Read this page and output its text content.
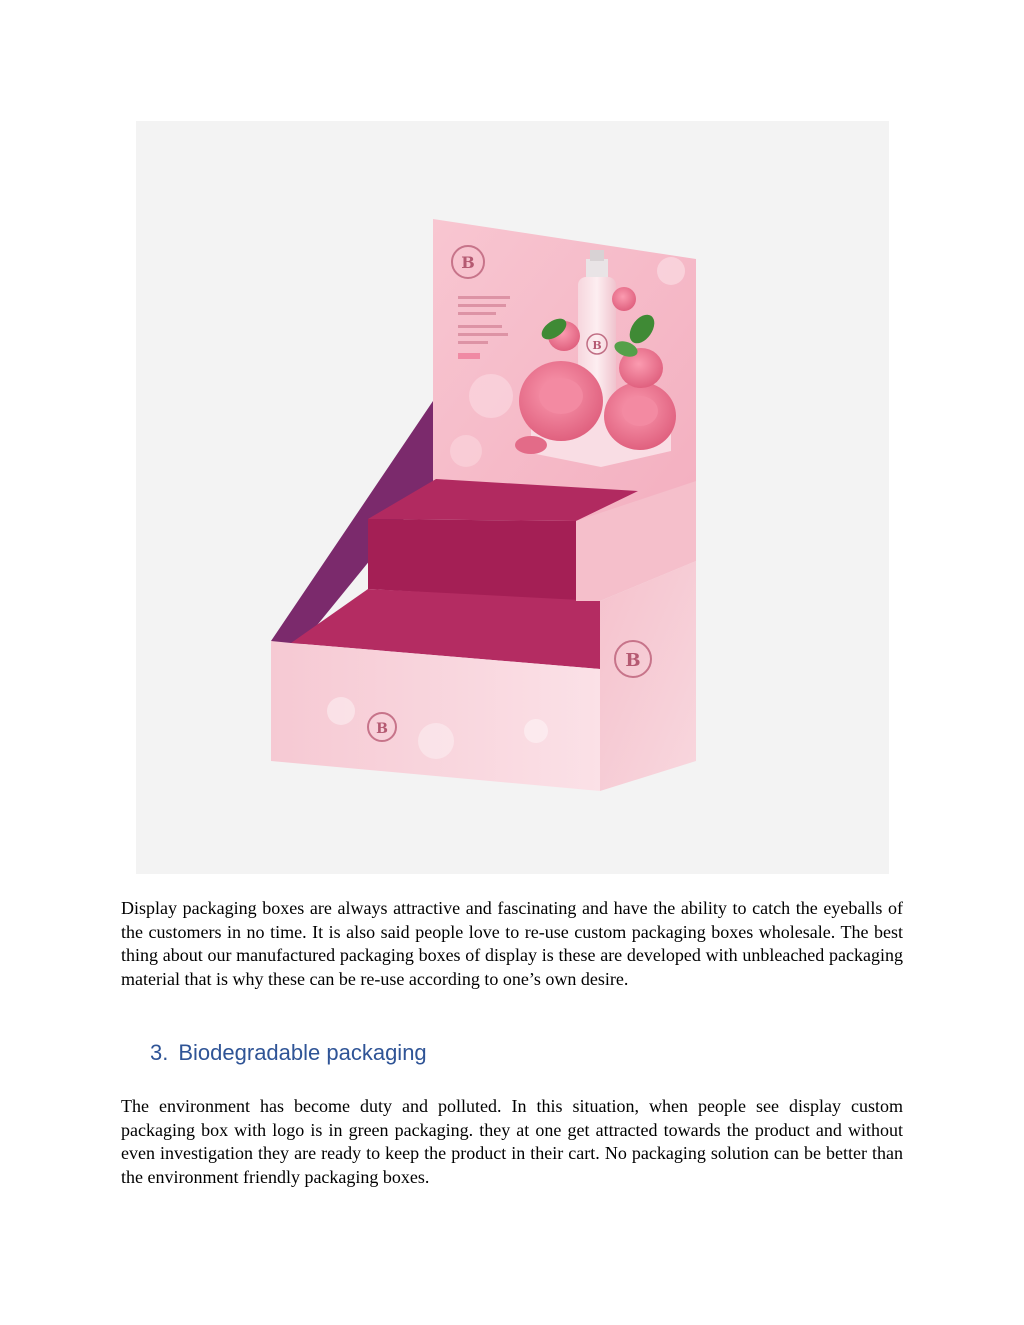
B
B
B
B
Display packaging boxes are always attractive and fascinating and have the ability to catch the eyeballs of the customers in no time. It is also said people love to re-use custom packaging boxes wholesale. The best thing about our manufactured packaging boxes of display is these are developed with unbleached packaging material that is why these can be re-use according to one’s own desire.
3. Biodegradable packaging
The environment has become duty and polluted. In this situation, when people see display custom packaging box with logo is in green packaging. they at one get attracted towards the product and without even investigation they are ready to keep the product in their cart. No packaging solution can be better than the environment friendly packaging boxes.
